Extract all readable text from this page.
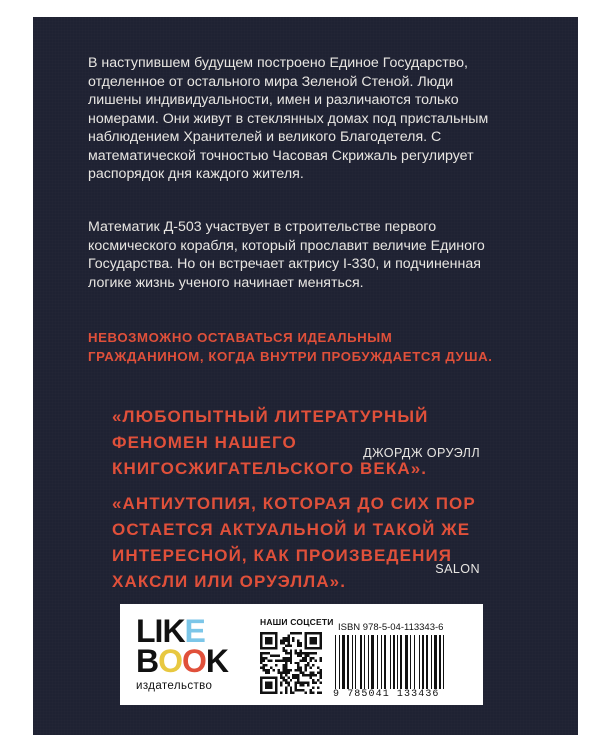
В наступившем будущем построено Единое Государство, отделенное от остального мира Зеленой Стеной. Люди лишены индивидуальности, имен и различаются только номерами. Они живут в стеклянных домах под пристальным наблюдением Хранителей и великого Благодетеля. С математической точностью Часовая Скрижаль регулирует распорядок дня каждого жителя.

Математик Д-503 участвует в строительстве первого космического корабля, который прославит величие Единого Государства. Но он встречает актрису I-330, и подчиненная логике жизнь ученого начинает меняться.

НЕВОЗМОЖНО ОСТАВАТЬСЯ ИДЕАЛЬНЫМ ГРАЖДАНИНОМ, КОГДА ВНУТРИ ПРОБУЖДАЕТСЯ ДУША.

«ЛЮБОПЫТНЫЙ ЛИТЕРАТУРНЫЙ ФЕНОМЕН НАШЕГО КНИГОСЖИГАТЕЛЬСКОГО ВЕКА».

ДЖОРДЖ ОРУЭЛЛ

«АНТИУТОПИЯ, КОТОРАЯ ДО СИХ ПОР ОСТАЕТСЯ АКТУАЛЬНОЙ И ТАКОЙ ЖЕ ИНТЕРЕСНОЙ, КАК ПРОИЗВЕДЕНИЯ ХАКСЛИ ИЛИ ОРУЭЛЛА».

SALON

L I K E
B O O K
издательство
НАШИ СОЦСЕТИ ISBN 978-5-04-113343-6
9 785041 133436
